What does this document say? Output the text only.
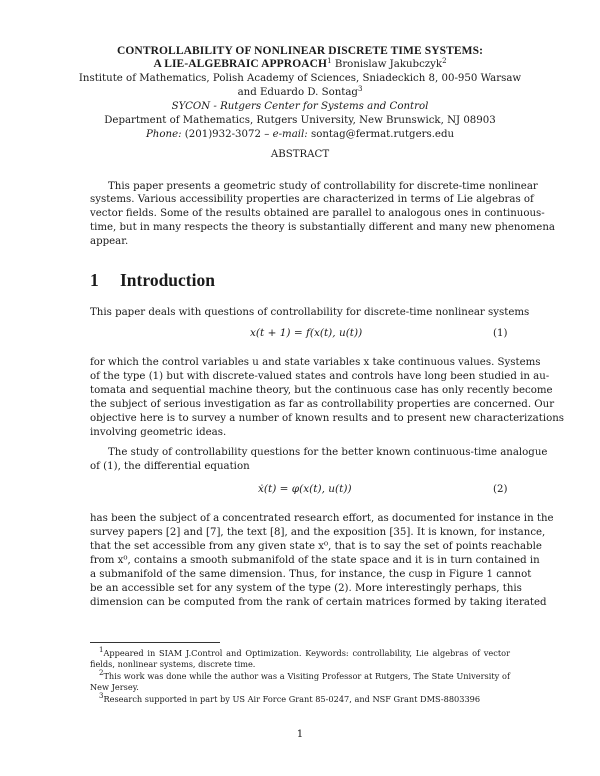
CONTROLLABILITY OF NONLINEAR DISCRETE TIME SYSTEMS:
A LIE-ALGEBRAIC APPROACH$^1$ Bronislaw Jakubczyk$^2$
Institute of Mathematics, Polish Academy of Sciences, Sniadeckich 8, 00-950 Warsaw
and Eduardo D. Sontag$^3$
SYCON - Rutgers Center for Systems and Control
Department of Mathematics, Rutgers University, New Brunswick, NJ 08903
Phone: (201)932-3072 – e-mail: sontag@fermat.rutgers.edu
ABSTRACT
This paper presents a geometric study of controllability for discrete-time nonlinear
systems. Various accessibility properties are characterized in terms of Lie algebras of
vector fields. Some of the results obtained are parallel to analogous ones in continuous-
time, but in many respects the theory is substantially different and many new phenomena
appear.
1 Introduction
This paper deals with questions of controllability for discrete-time nonlinear systems
x(t + 1) = f(x(t), u(t))	(1)
for which the control variables u and state variables x take continuous values. Systems
of the type (1) but with discrete-valued states and controls have long been studied in au-
tomata and sequential machine theory, but the continuous case has only recently become
the subject of serious investigation as far as controllability properties are concerned. Our
objective here is to survey a number of known results and to present new characterizations
involving geometric ideas.
The study of controllability questions for the better known continuous-time analogue
of (1), the differential equation
ẋ(t) = φ(x(t), u(t))	(2)
has been the subject of a concentrated research effort, as documented for instance in the
survey papers [2] and [7], the text [8], and the exposition [35]. It is known, for instance,
that the set accessible from any given state x⁰, that is to say the set of points reachable
from x⁰, contains a smooth submanifold of the state space and it is in turn contained in
a submanifold of the same dimension. Thus, for instance, the cusp in Figure 1 cannot
be an accessible set for any system of the type (2). More interestingly perhaps, this
dimension can be computed from the rank of certain matrices formed by taking iterated
$^1$Appeared in SIAM J.Control and Optimization. Keywords: controllability, Lie algebras of vector
fields, nonlinear systems, discrete time.
$^2$This work was done while the author was a Visiting Professor at Rutgers, The State University of
New Jersey.
$^3$Research supported in part by US Air Force Grant 85-0247, and NSF Grant DMS-8803396
1
